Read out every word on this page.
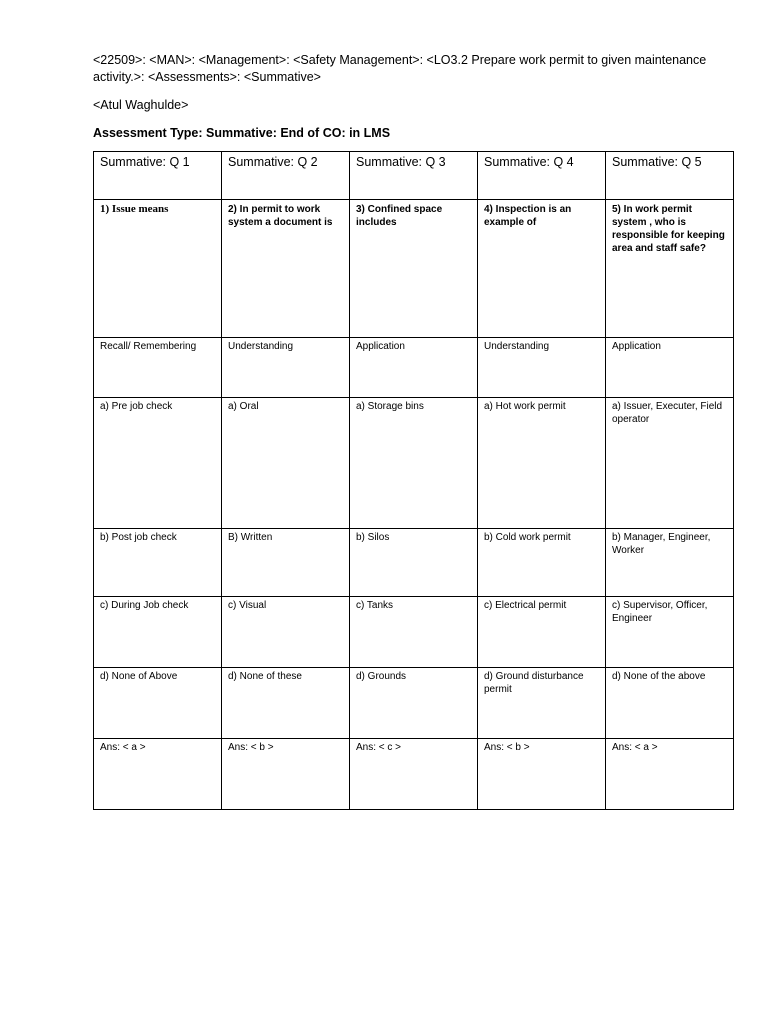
<22509>: <MAN>: <Management>: <Safety Management>: <LO3.2 Prepare work permit to given maintenance activity.>: <Assessments>: <Summative>
<Atul Waghulde>
Assessment Type: Summative: End of CO: in LMS
Summative: Q 1	Summative: Q 2	Summative: Q 3	Summative: Q 4	Summative: Q 5
1) Issue means	2) In permit to work system a document is	3) Confined space includes	4) Inspection is an example of	5) In work permit system , who is responsible for keeping area and staff safe?
Recall/ Remembering	Understanding	Application	Understanding	Application
a) Pre job check	a) Oral	a) Storage bins	a) Hot work permit	a) Issuer, Executer, Field operator
b) Post job check	B) Written	b) Silos	b) Cold work permit	b) Manager, Engineer, Worker
c) During Job check	c) Visual	c) Tanks	c) Electrical permit	c) Supervisor, Officer, Engineer
d) None of Above	d) None of these	d) Grounds	d) Ground disturbance permit	d) None of the above
Ans: < a >	Ans: < b >	Ans: < c >	Ans: < b >	Ans: < a >
